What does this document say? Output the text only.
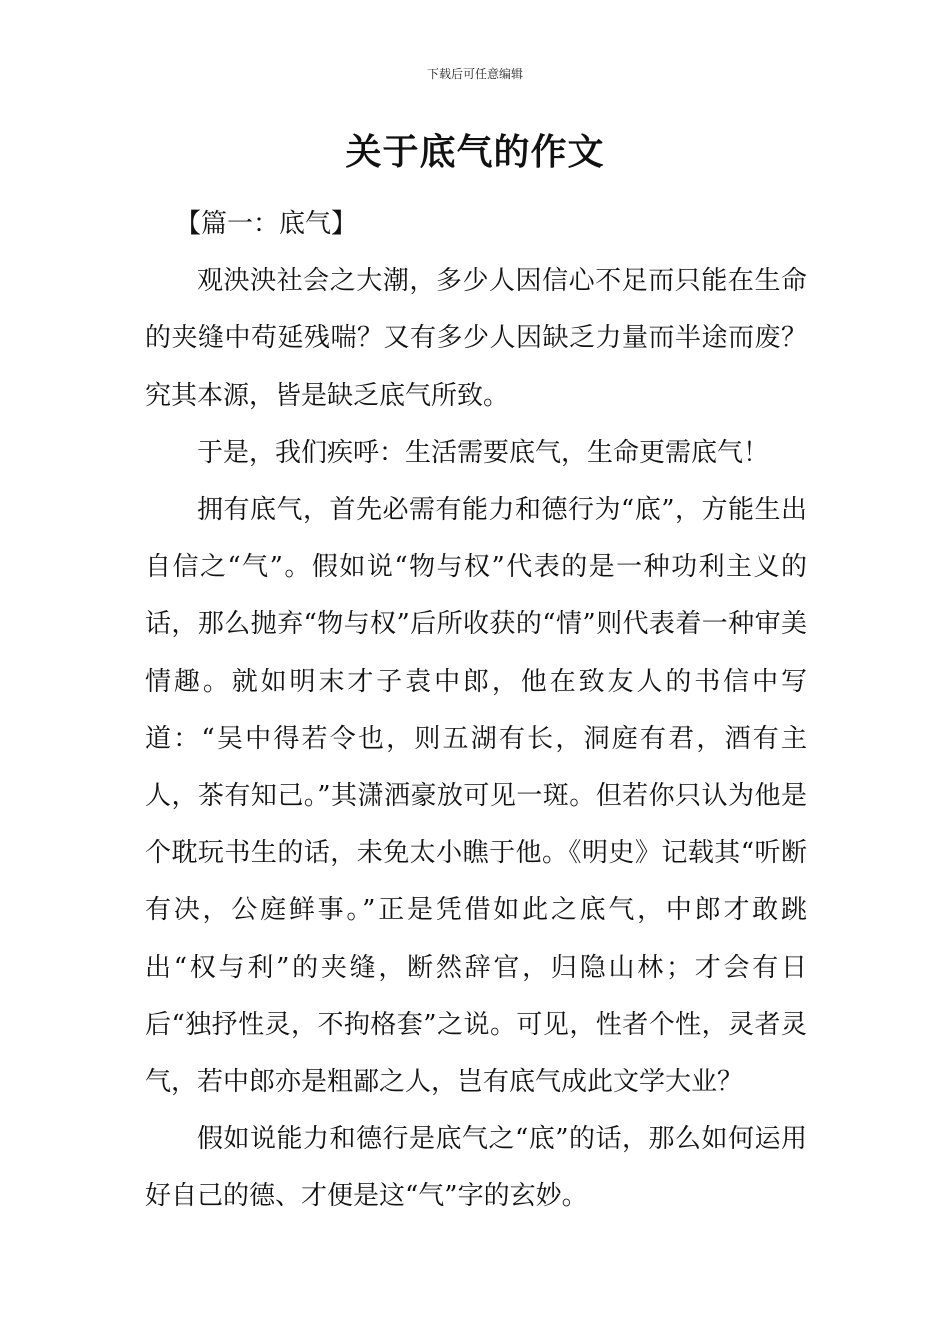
下载后可任意编辑
关于底气的作文
【篇一：底气】

观泱泱社会之大潮，多少人因信心不足而只能在生命的夹缝中苟延残喘？又有多少人因缺乏力量而半途而废？究其本源，皆是缺乏底气所致。

于是，我们疾呼：生活需要底气，生命更需底气！

拥有底气，首先必需有能力和德行为“底”，方能生出自信之“气”。假如说“物与权”代表的是一种功利主义的话，那么抛弃“物与权”后所收获的“情”则代表着一种审美情趣。就如明末才子袁中郎，他在致友人的书信中写道：“吴中得若令也，则五湖有长，洞庭有君，酒有主人，茶有知己。”其潇洒豪放可见一斑。但若你只认为他是个耽玩书生的话，未免太小瞧于他。《明史》记载其“听断有决，公庭鲜事。”正是凭借如此之底气，中郎才敢跳出“权与利”的夹缝，断然辞官，归隐山林；才会有日后“独抒性灵，不拘格套”之说。可见，性者个性，灵者灵气，若中郎亦是粗鄙之人，岂有底气成此文学大业？

假如说能力和德行是底气之“底”的话，那么如何运用好自己的德、才便是这“气”字的玄妙。
